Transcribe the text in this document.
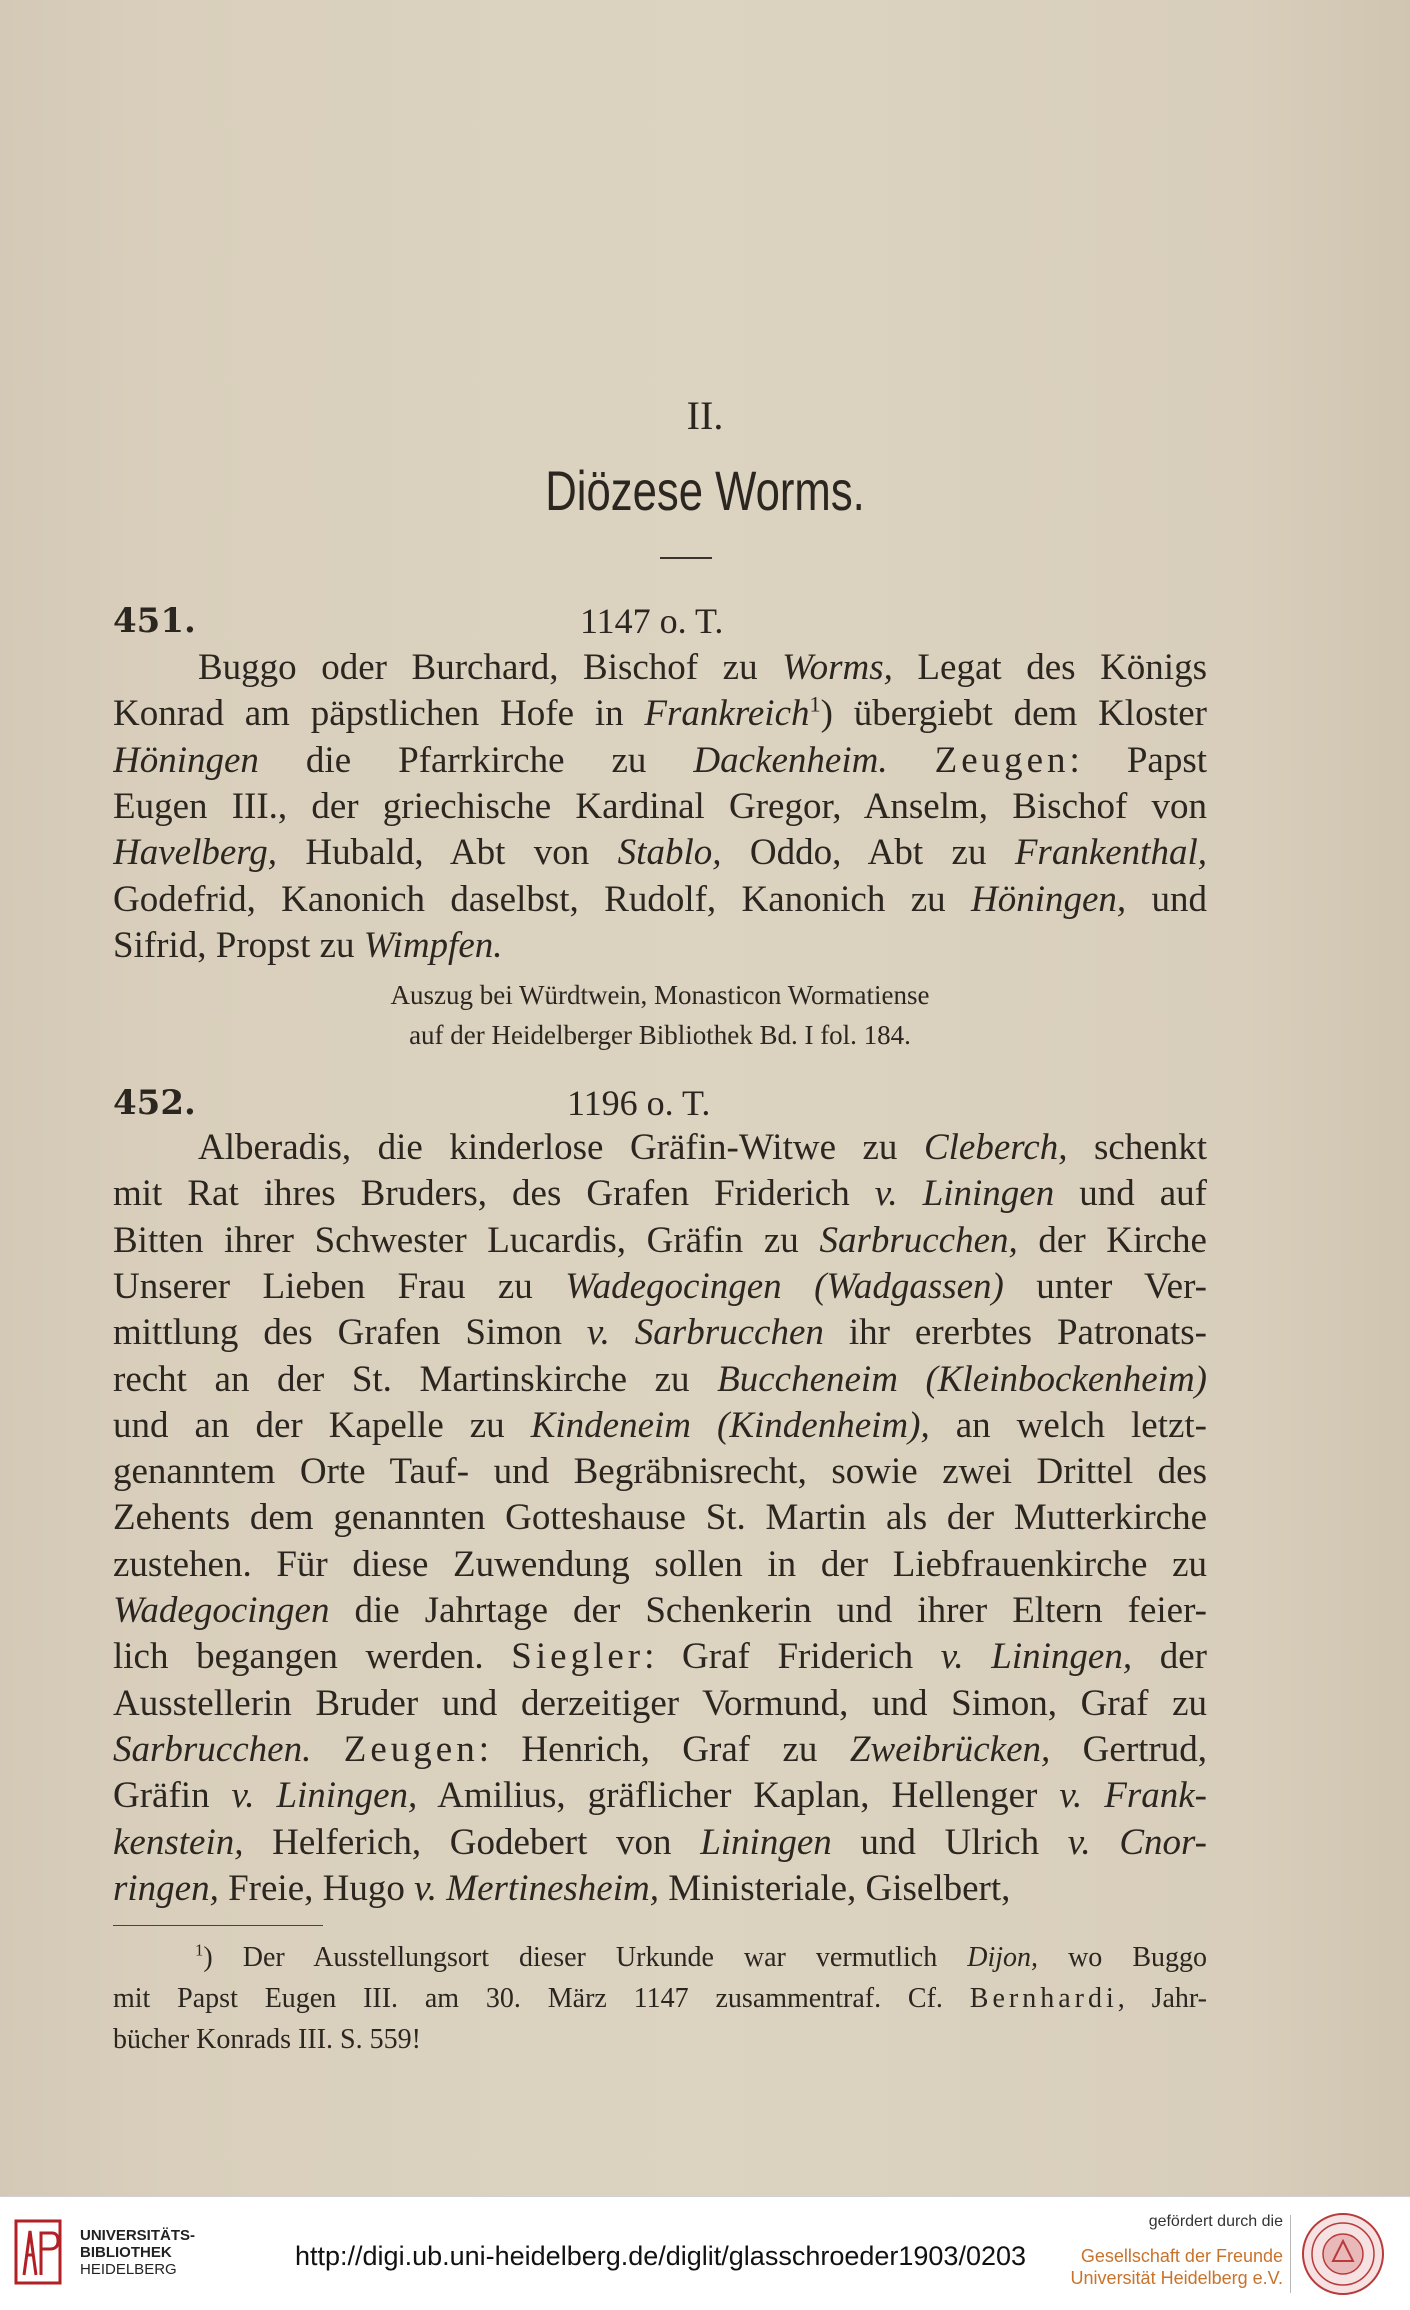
II.
Diözese Worms.
451.	1147 o. T.
Buggo oder Burchard, Bischof zu Worms, Legat des Königs
Konrad am päpstlichen Hofe in Frankreich$^1$) übergiebt dem Kloster
Höningen die Pfarrkirche zu Dackenheim. Zeugen: Papst
Eugen III., der griechische Kardinal Gregor, Anselm, Bischof von
Havelberg, Hubald, Abt von Stablo, Oddo, Abt zu Frankenthal,
Godefrid, Kanonich daselbst, Rudolf, Kanonich zu Höningen, und
Sifrid, Propst zu Wimpfen.
Auszug bei Würdtwein, Monasticon Wormatiense
auf der Heidelberger Bibliothek Bd. I fol. 184.
452.	1196 o. T.
Alberadis, die kinderlose Gräfin-Witwe zu Cleberch, schenkt
mit Rat ihres Bruders, des Grafen Friderich v. Liningen und auf
Bitten ihrer Schwester Lucardis, Gräfin zu Sarbrucchen, der Kirche
Unserer Lieben Frau zu Wadegocingen (Wadgassen) unter Ver-
mittlung des Grafen Simon v. Sarbrucchen ihr ererbtes Patronats-
recht an der St. Martinskirche zu Buccheneim (Kleinbockenheim)
und an der Kapelle zu Kindeneim (Kindenheim), an welch letzt-
genanntem Orte Tauf- und Begräbnisrecht, sowie zwei Drittel des
Zehents dem genannten Gotteshause St. Martin als der Mutterkirche
zustehen. Für diese Zuwendung sollen in der Liebfrauenkirche zu
Wadegocingen die Jahrtage der Schenkerin und ihrer Eltern feier-
lich begangen werden. Siegler: Graf Friderich v. Liningen, der
Ausstellerin Bruder und derzeitiger Vormund, und Simon, Graf zu
Sarbrucchen. Zeugen: Henrich, Graf zu Zweibrücken, Gertrud,
Gräfin v. Liningen, Amilius, gräflicher Kaplan, Hellenger v. Frank-
kenstein, Helferich, Godebert von Liningen und Ulrich v. Cnor-
ringen, Freie, Hugo v. Mertinesheim, Ministeriale, Giselbert,
$^1$) Der Ausstellungsort dieser Urkunde war vermutlich Dijon, wo Buggo
mit Papst Eugen III. am 30. März 1147 zusammentraf. Cf. Bernhardi, Jahr-
bücher Konrads III. S. 559!
UNIVERSITÄTS-
BIBLIOTHEK
HEIDELBERG	http://digi.ub.uni-heidelberg.de/diglit/glasschroeder1903/0203
gefördert durch die
Gesellschaft der Freunde
Universität Heidelberg e.V.
